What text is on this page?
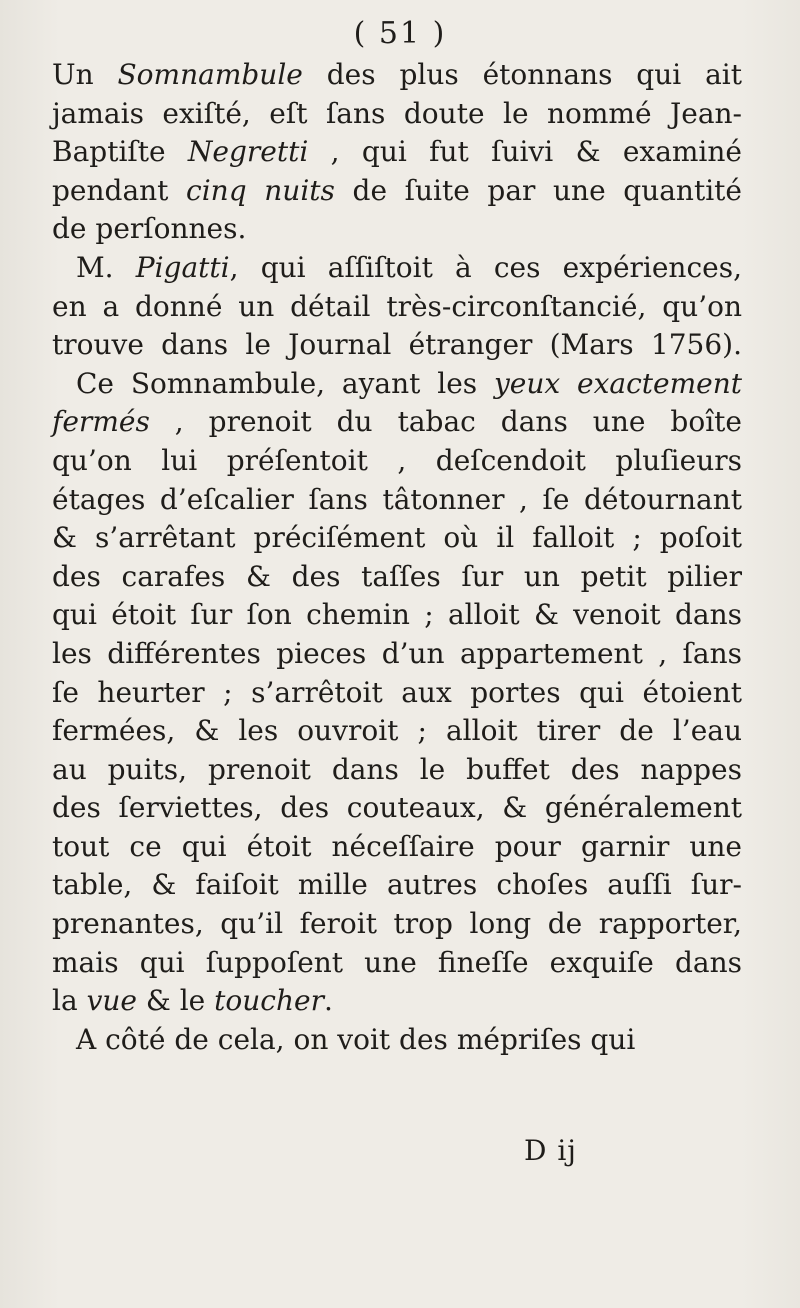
( 51 )
Un Somnambule des plus étonnans qui ait
jamais exiſté, eſt ſans doute le nommé Jean-
Baptiſte Negretti , qui fut ſuivi & examiné
pendant cinq nuits de ſuite par une quantité
de perſonnes.
M. Pigatti, qui aſſiſtoit à ces expériences,
en a donné un détail très-circonſtancié, qu’on
trouve dans le Journal étranger (Mars 1756).
Ce Somnambule, ayant les yeux exactement
fermés , prenoit du tabac dans une boîte
qu’on lui préſentoit , deſcendoit pluſieurs
étages d’eſcalier ſans tâtonner , ſe détournant
& s’arrêtant préciſément où il falloit ; poſoit
des carafes & des taſſes ſur un petit pilier
qui étoit ſur ſon chemin ; alloit & venoit dans
les différentes pieces d’un appartement , ſans
ſe heurter ; s’arrêtoit aux portes qui étoient
fermées, & les ouvroit ; alloit tirer de l’eau
au puits, prenoit dans le buffet des nappes
des ſerviettes, des couteaux, & généralement
tout ce qui étoit néceſſaire pour garnir une
table, & faiſoit mille autres choſes auſſi ſur-
prenantes, qu’il feroit trop long de rapporter,
mais qui ſuppoſent une fineſſe exquiſe dans
la vue & le toucher.
A côté de cela, on voit des mépriſes qui
D ij
